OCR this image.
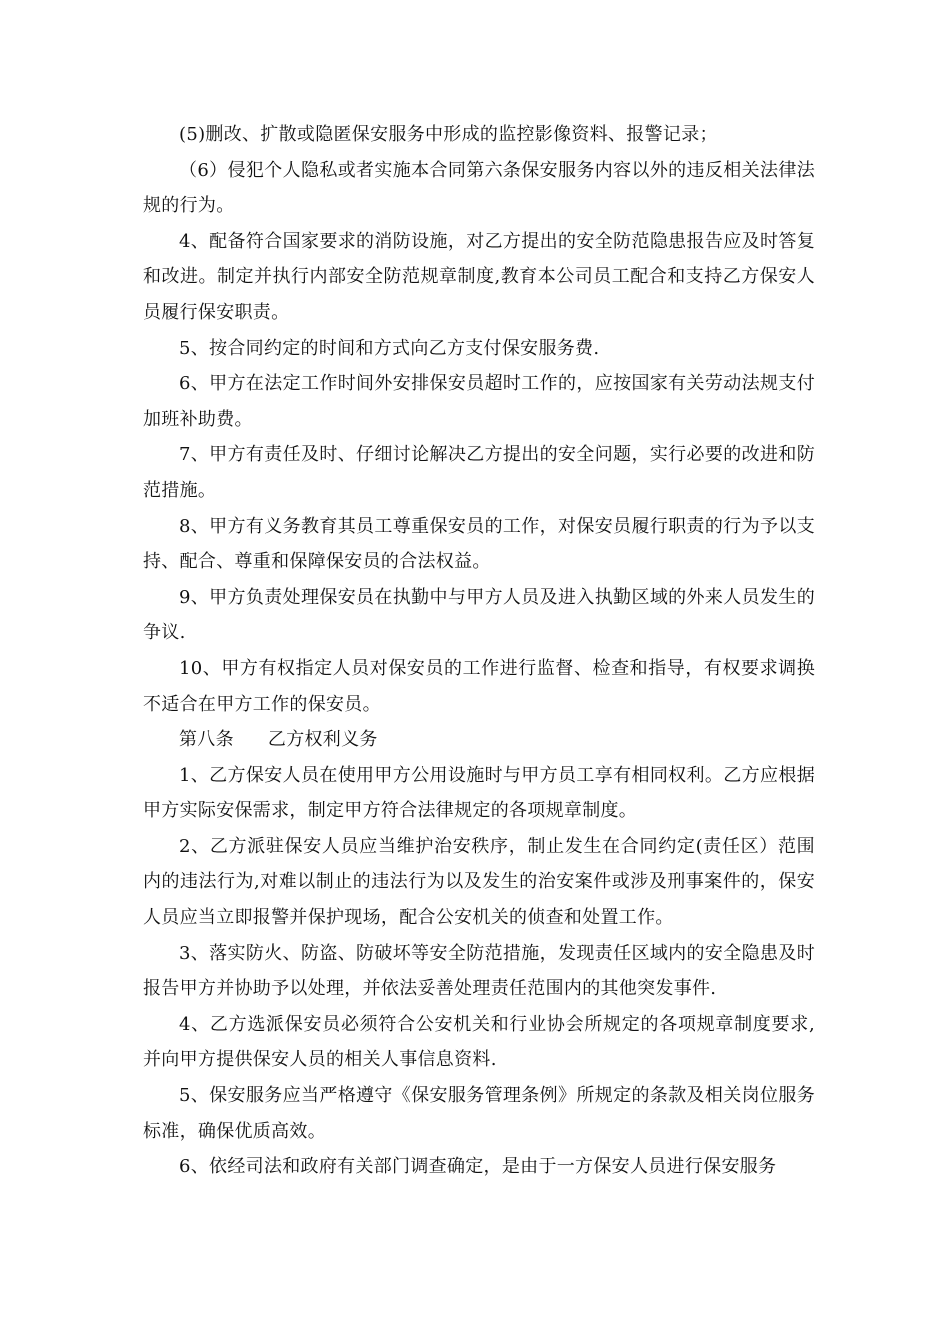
(5)删改、扩散或隐匿保安服务中形成的监控影像资料、报警记录；

（6）侵犯个人隐私或者实施本合同第六条保安服务内容以外的违反相关法律法规的行为。

4、配备符合国家要求的消防设施，对乙方提出的安全防范隐患报告应及时答复和改进。制定并执行内部安全防范规章制度,教育本公司员工配合和支持乙方保安人员履行保安职责。

5、按合同约定的时间和方式向乙方支付保安服务费.

6、甲方在法定工作时间外安排保安员超时工作的，应按国家有关劳动法规支付加班补助费。

7、甲方有责任及时、仔细讨论解决乙方提出的安全问题，实行必要的改进和防范措施。

8、甲方有义务教育其员工尊重保安员的工作，对保安员履行职责的行为予以支持、配合、尊重和保障保安员的合法权益。

9、甲方负责处理保安员在执勤中与甲方人员及进入执勤区域的外来人员发生的争议.

10、甲方有权指定人员对保安员的工作进行监督、检查和指导，有权要求调换不适合在甲方工作的保安员。

第八条 乙方权利义务

1、乙方保安人员在使用甲方公用设施时与甲方员工享有相同权利。乙方应根据甲方实际安保需求，制定甲方符合法律规定的各项规章制度。

2、乙方派驻保安人员应当维护治安秩序，制止发生在合同约定(责任区）范围内的违法行为,对难以制止的违法行为以及发生的治安案件或涉及刑事案件的，保安人员应当立即报警并保护现场，配合公安机关的侦查和处置工作。

3、落实防火、防盗、防破坏等安全防范措施，发现责任区域内的安全隐患及时报告甲方并协助予以处理，并依法妥善处理责任范围内的其他突发事件.

4、乙方选派保安员必须符合公安机关和行业协会所规定的各项规章制度要求,并向甲方提供保安人员的相关人事信息资料.

5、保安服务应当严格遵守《保安服务管理条例》所规定的条款及相关岗位服务标准，确保优质高效。

6、依经司法和政府有关部门调查确定，是由于一方保安人员进行保安服务
